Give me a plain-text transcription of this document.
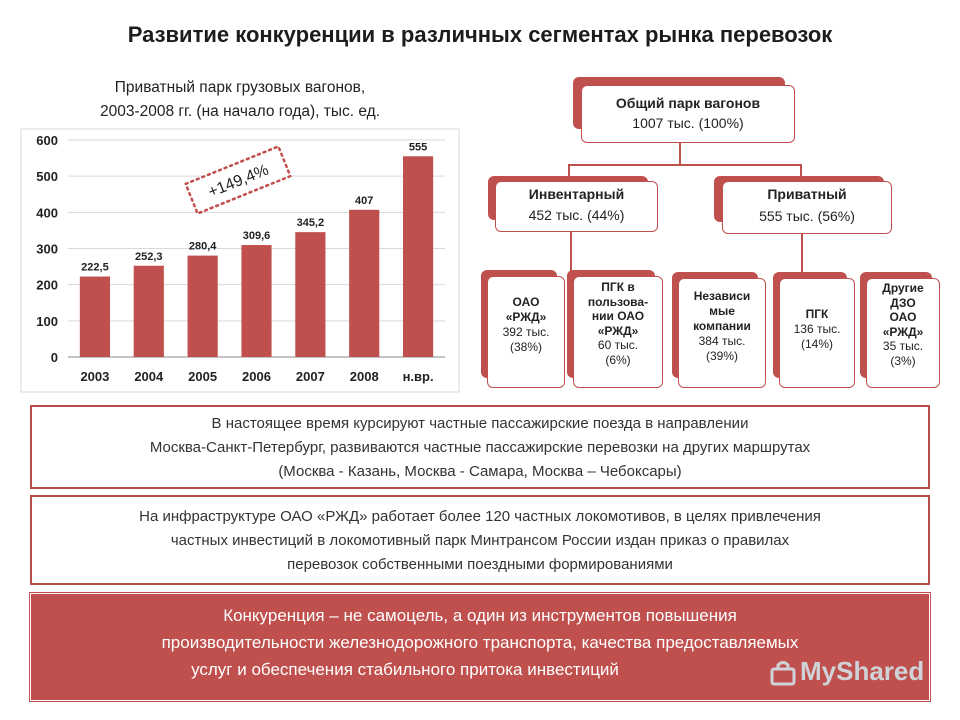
Развитие конкуренции в различных сегментах рынка перевозок
Приватный парк грузовых вагонов,
2003-2008 гг. (на начало года), тыс. ед.
0
100
200
300
400
500
600
222,5
2003
252,3
2004
280,4
2005
309,6
2006
345,2
2007
407
2008
555
н.вр.
+149,4%
Общий парк вагонов
1007 тыс. (100%)
Инвентарный
452 тыс. (44%)
Приватный
555 тыс. (56%)
ОАО
«РЖД»
392 тыс.
(38%)
ПГК в
пользова-
нии ОАО
«РЖД»
60 тыс.
(6%)
Независи
мые
компании
384 тыс.
(39%)
ПГК
136 тыс.
(14%)
Другие
ДЗО
ОАО
«РЖД»
35 тыс.
(3%)
В настоящее время курсируют частные пассажирские поезда в направлении
Москва-Санкт-Петербург, развиваются частные пассажирские перевозки на других маршрутах
(Москва - Казань, Москва - Самара, Москва – Чебоксары)
На инфраструктуре ОАО «РЖД» работает более 120 частных локомотивов, в целях привлечения
частных инвестиций в локомотивный парк Минтрансом России издан приказ о правилах
перевозок собственными поездными формированиями
Конкуренция – не самоцель, а один из инструментов повышения
производительности железнодорожного транспорта, качества предоставляемых
услуг и обеспечения стабильного притока инвестиций	MyShared
